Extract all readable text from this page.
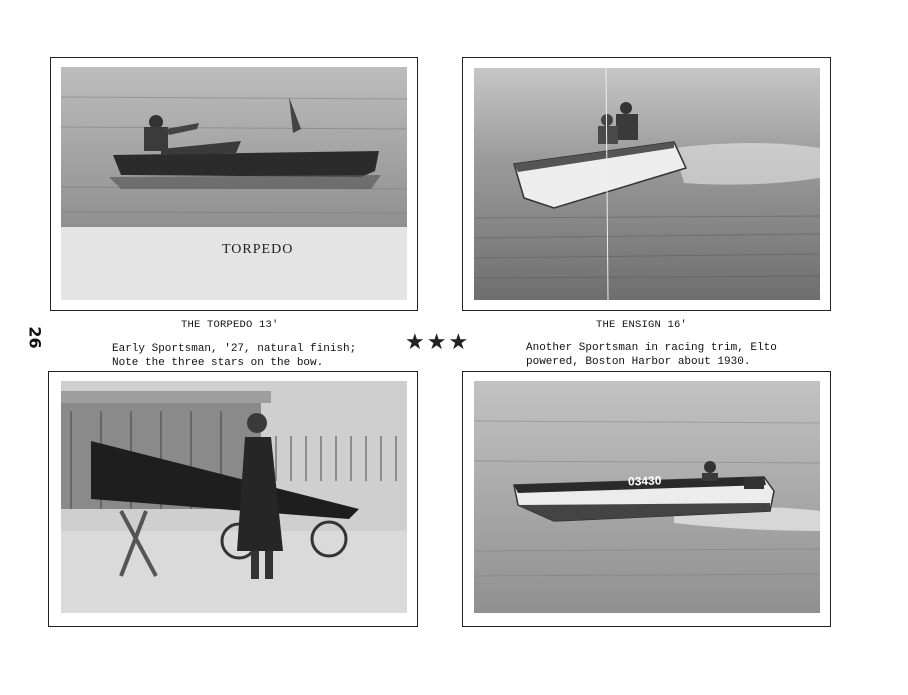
26
TORPEDO
THE TORPEDO 13'
Early Sportsman, '27, natural finish;
Note the three stars on the bow.
THE ENSIGN 16'
Another Sportsman in racing trim, Elto
powered, Boston Harbor about 1930.
★★★
03430
